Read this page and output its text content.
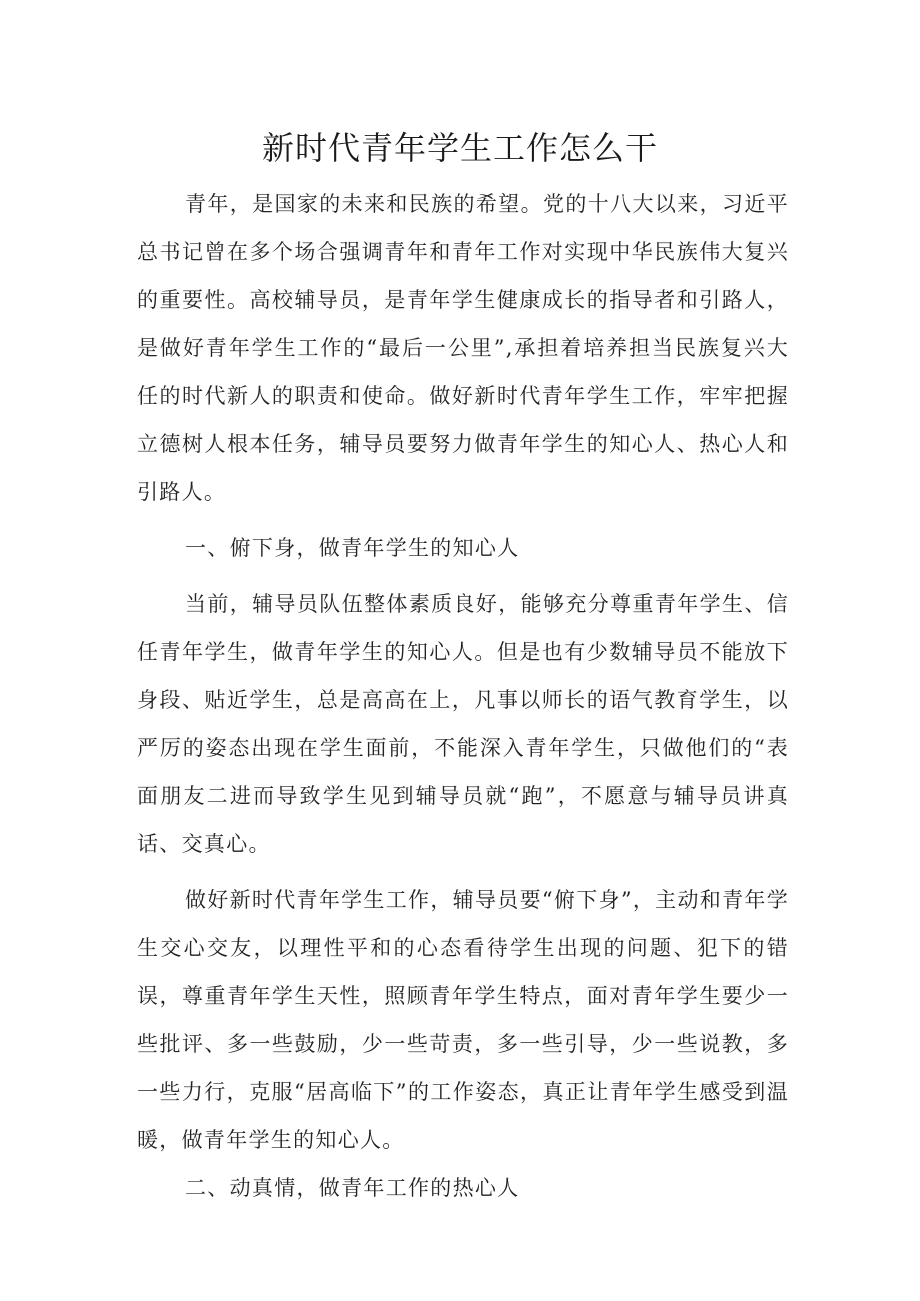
新时代青年学生工作怎么干

青年，是国家的未来和民族的希望。党的十八大以来，习近平总书记曾在多个场合强调青年和青年工作对实现中华民族伟大复兴的重要性。高校辅导员，是青年学生健康成长的指导者和引路人，是做好青年学生工作的“最后一公里”,承担着培养担当民族复兴大任的时代新人的职责和使命。做好新时代青年学生工作，牢牢把握立德树人根本任务，辅导员要努力做青年学生的知心人、热心人和引路人。

一、俯下身，做青年学生的知心人

当前，辅导员队伍整体素质良好，能够充分尊重青年学生、信任青年学生，做青年学生的知心人。但是也有少数辅导员不能放下身段、贴近学生，总是高高在上，凡事以师长的语气教育学生，以严厉的姿态出现在学生面前，不能深入青年学生，只做他们的“表面朋友二进而导致学生见到辅导员就“跑”，不愿意与辅导员讲真话、交真心。

做好新时代青年学生工作，辅导员要“俯下身”，主动和青年学生交心交友，以理性平和的心态看待学生出现的问题、犯下的错误，尊重青年学生天性，照顾青年学生特点，面对青年学生要少一些批评、多一些鼓励，少一些苛责，多一些引导，少一些说教，多一些力行，克服“居高临下”的工作姿态，真正让青年学生感受到温暖，做青年学生的知心人。

二、动真情，做青年工作的热心人
